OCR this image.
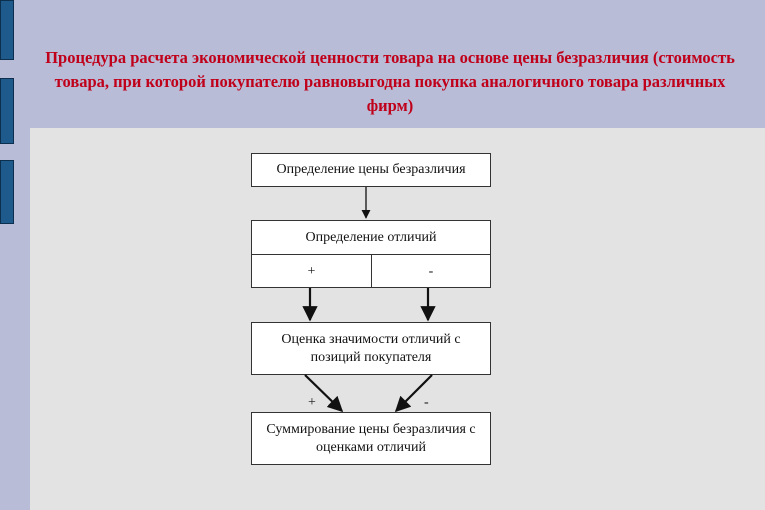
Процедура расчета экономической ценности товара на основе цены безразличия (стоимость товара, при которой покупателю равновыгодна покупка аналогичного товара различных фирм)
Определение цены безразличия
Определение отличий
+	-
Оценка значимости отличий с позиций покупателя
+	-
Суммирование цены безразличия с оценками отличий
